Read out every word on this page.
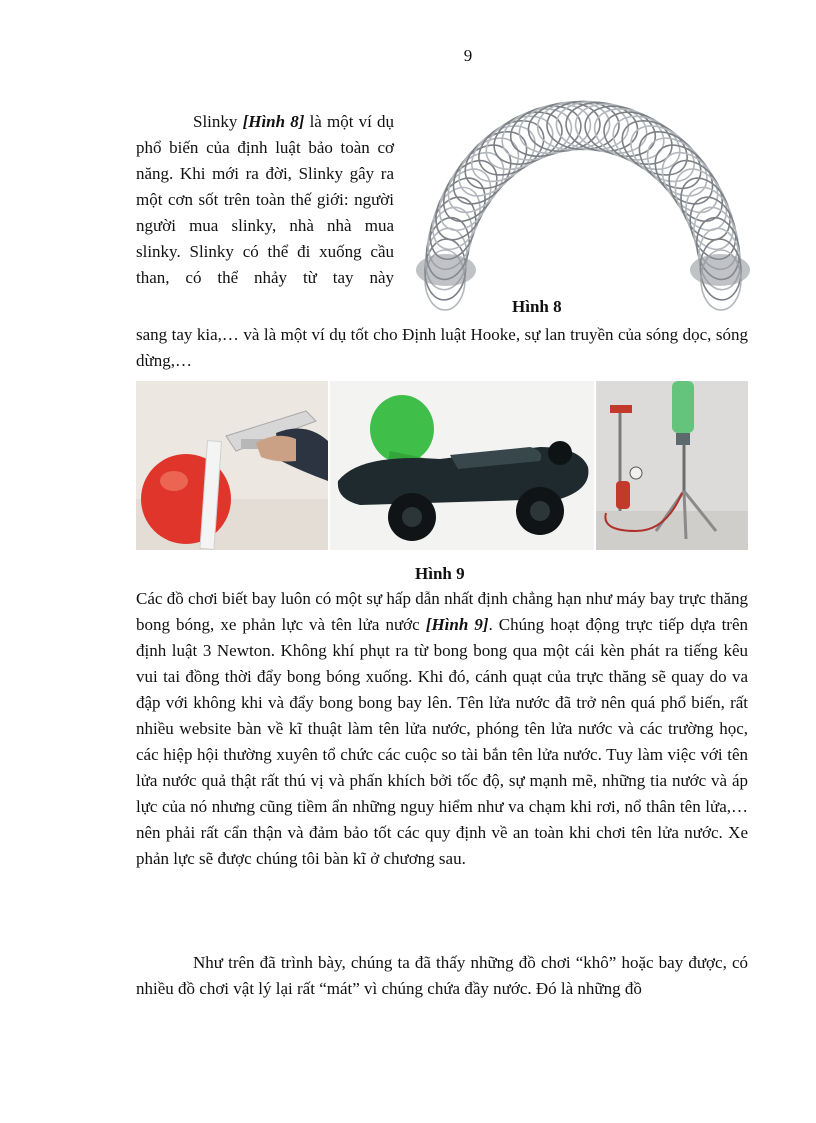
9

Slinky [Hình 8] là một ví dụ phổ biến của định luật bảo toàn cơ năng. Khi mới ra đời, Slinky gây ra một cơn sốt trên toàn thế giới: người người mua slinky, nhà nhà mua slinky. Slinky có thể đi xuống cầu than, có thể nhảy từ tay này

Hình 8

sang tay kia,… và là một ví dụ tốt cho Định luật Hooke, sự lan truyền của sóng dọc, sóng dừng,…

Hình 9

Các đồ chơi biết bay luôn có một sự hấp dẫn nhất định chẳng hạn như máy bay trực thăng bong bóng, xe phản lực và tên lửa nước [Hình 9]. Chúng hoạt động trực tiếp dựa trên định luật 3 Newton. Không khí phụt ra từ bong bong qua một cái kèn phát ra tiếng kêu vui tai đồng thời đẩy bong bóng xuống. Khi đó, cánh quạt của trực thăng sẽ quay do va đập với không khi và đẩy bong bong bay lên. Tên lửa nước đã trở nên quá phổ biến, rất nhiều website bàn về kĩ thuật làm tên lửa nước, phóng tên lửa nước và các trường học, các hiệp hội thường xuyên tổ chức các cuộc so tài bắn tên lửa nước. Tuy làm việc với tên lửa nước quả thật rất thú vị và phấn khích bởi tốc độ, sự mạnh mẽ, những tia nước và áp lực của nó nhưng cũng tiềm ẩn những nguy hiểm như va chạm khi rơi, nổ thân tên lửa,… nên phải rất cẩn thận và đảm bảo tốt các quy định về an toàn khi chơi tên lửa nước. Xe phản lực sẽ được chúng tôi bàn kĩ ở chương sau.

Như trên đã trình bày, chúng ta đã thấy những đồ chơi “khô” hoặc bay được, có nhiều đồ chơi vật lý lại rất “mát” vì chúng chứa đầy nước. Đó là những đồ
